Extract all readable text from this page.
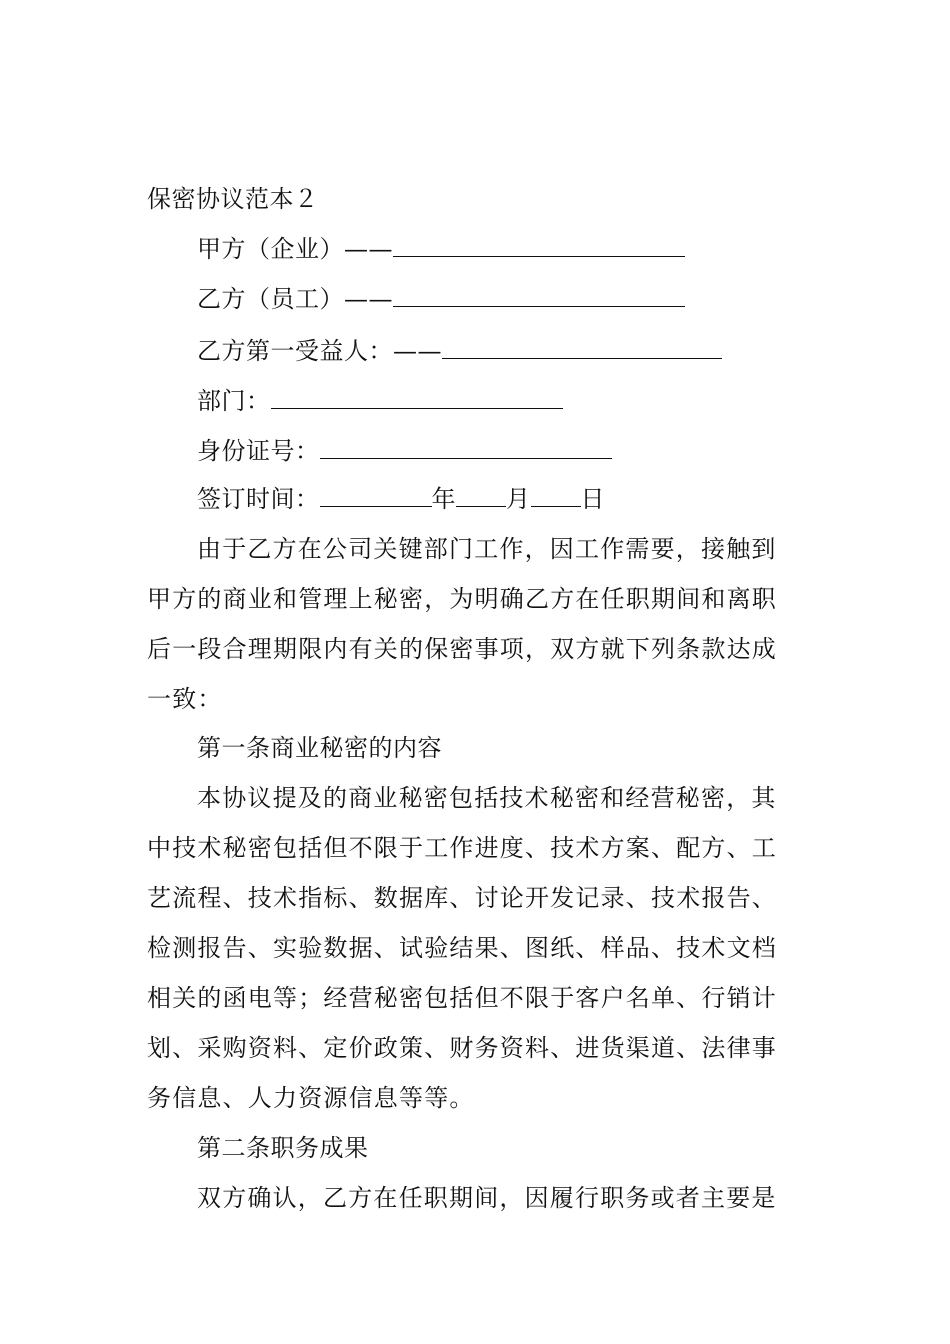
保密协议范本２
甲方（企业）——
乙方（员工）——
乙方第一受益人：——
部门：
身份证号：
签订时间：	年 月 日
由于乙方在公司关键部门工作，因工作需要，接触到
甲方的商业和管理上秘密，为明确乙方在任职期间和离职
后一段合理期限内有关的保密事项，双方就下列条款达成
一致：
第一条商业秘密的内容
本协议提及的商业秘密包括技术秘密和经营秘密，其
中技术秘密包括但不限于工作进度、技术方案、配方、工
艺流程、技术指标、数据库、讨论开发记录、技术报告、
检测报告、实验数据、试验结果、图纸、样品、技术文档
相关的函电等；经营秘密包括但不限于客户名单、行销计
划、采购资料、定价政策、财务资料、进货渠道、法律事
务信息、人力资源信息等等。
第二条职务成果
双方确认，乙方在任职期间，因履行职务或者主要是
